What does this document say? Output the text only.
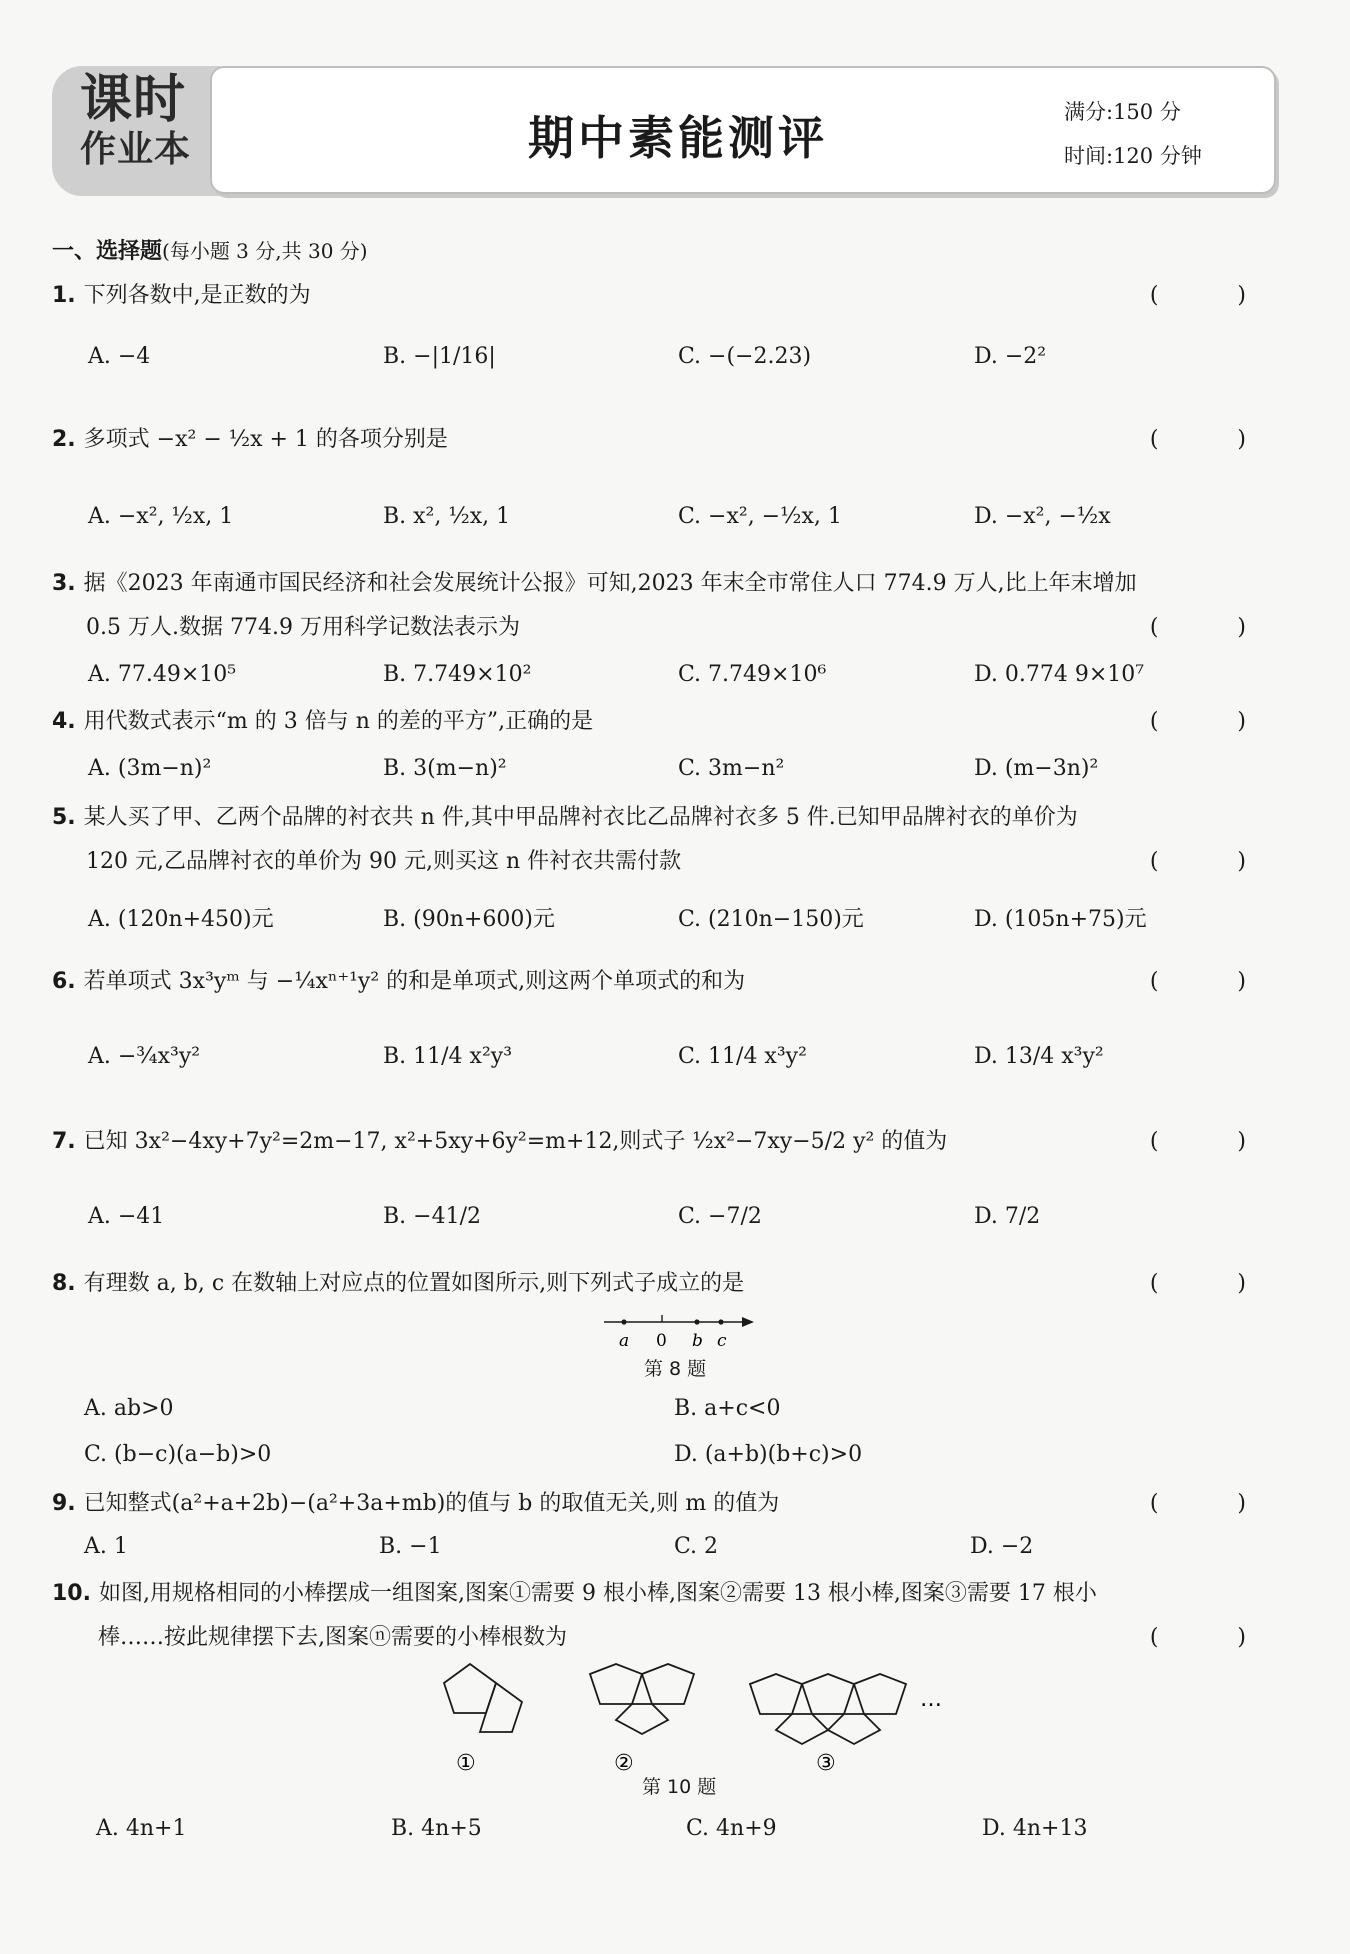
课时
作业本	期中素能测评	满分:150 分
时间:120 分钟
一、选择题(每小题 3 分,共 30 分)
1. 下列各数中,是正数的为	( )
A. −4	B. −|1/16|	C. −(−2.23)	D. −2²
2. 多项式 −x² − ½x + 1 的各项分别是	( )
A. −x², ½x, 1	B. x², ½x, 1	C. −x², −½x, 1	D. −x², −½x
3. 据《2023 年南通市国民经济和社会发展统计公报》可知,2023 年末全市常住人口 774.9 万人,比上年末增加
0.5 万人.数据 774.9 万用科学记数法表示为	( )
A. 77.49×10⁵	B. 7.749×10²	C. 7.749×10⁶	D. 0.774 9×10⁷
4. 用代数式表示“m 的 3 倍与 n 的差的平方”,正确的是	( )
A. (3m−n)²	B. 3(m−n)²	C. 3m−n²	D. (m−3n)²
5. 某人买了甲、乙两个品牌的衬衣共 n 件,其中甲品牌衬衣比乙品牌衬衣多 5 件.已知甲品牌衬衣的单价为
120 元,乙品牌衬衣的单价为 90 元,则买这 n 件衬衣共需付款	( )
A. (120n+450)元	B. (90n+600)元	C. (210n−150)元	D. (105n+75)元
6. 若单项式 3x³yᵐ 与 −¼xⁿ⁺¹y² 的和是单项式,则这两个单项式的和为	( )
A. −¾x³y²	B. 11/4 x²y³	C. 11/4 x³y²	D. 13/4 x³y²
7. 已知 3x²−4xy+7y²=2m−17, x²+5xy+6y²=m+12,则式子 ½x²−7xy−5/2 y² 的值为	( )
A. −41	B. −41/2	C. −7/2	D. 7/2
8. 有理数 a, b, c 在数轴上对应点的位置如图所示,则下列式子成立的是	( )
a 0 b c
第 8 题
A. ab>0	B. a+c<0
C. (b−c)(a−b)>0	D. (a+b)(b+c)>0
9. 已知整式(a²+a+2b)−(a²+3a+mb)的值与 b 的取值无关,则 m 的值为	( )
A. 1	B. −1	C. 2	D. −2
10. 如图,用规格相同的小棒摆成一组图案,图案①需要 9 根小棒,图案②需要 13 根小棒,图案③需要 17 根小
棒……按此规律摆下去,图案ⓝ需要的小棒根数为	( )
…
①	②	③
第 10 题
A. 4n+1	B. 4n+5	C. 4n+9	D. 4n+13
